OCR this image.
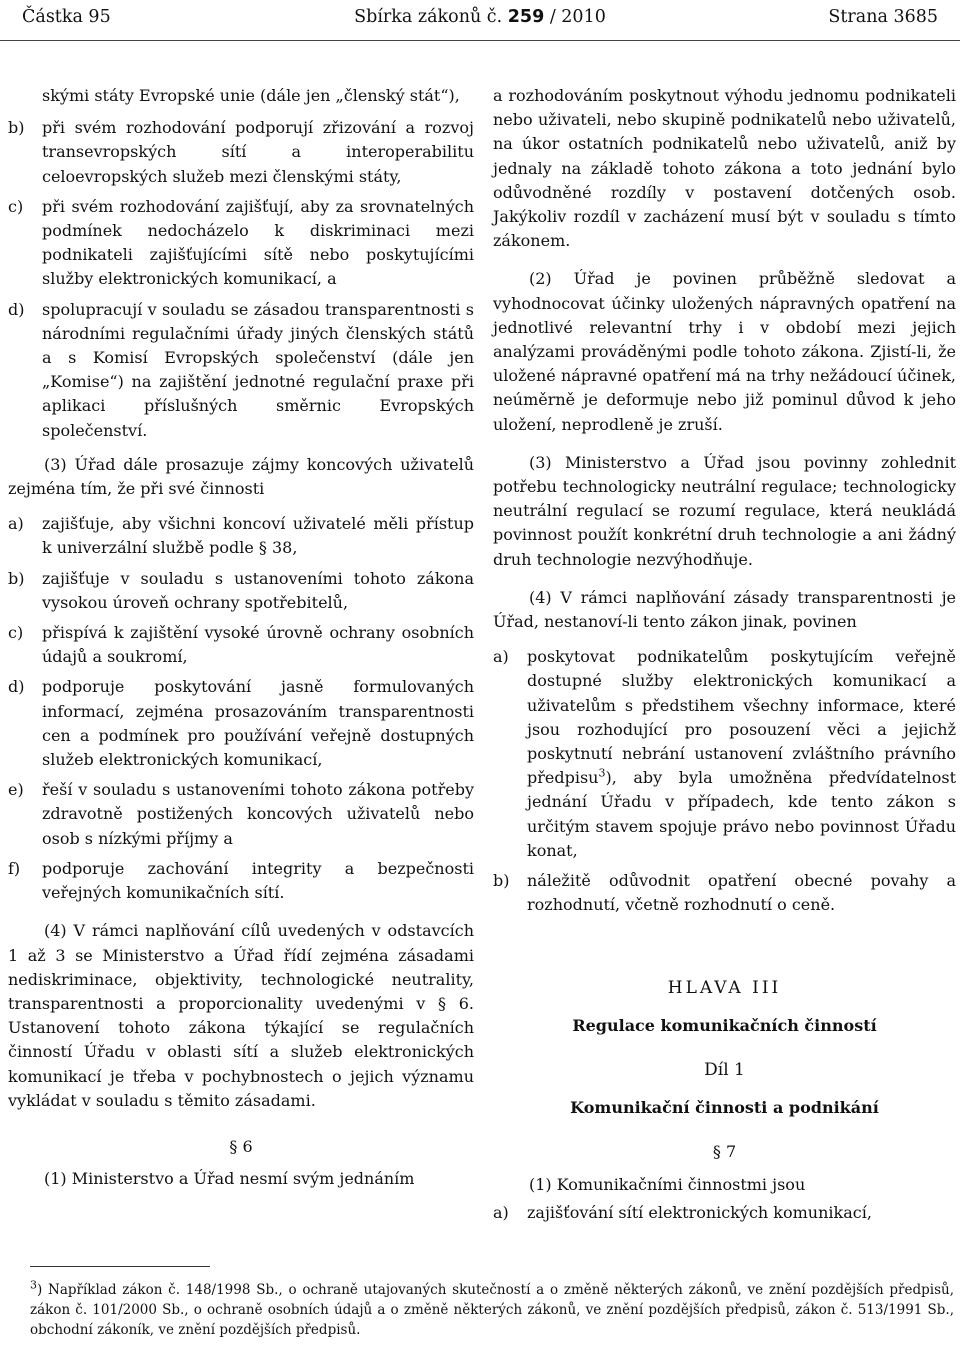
Částka 95	Sbírka zákonů č. 259 / 2010	Strana 3685
skými státy Evropské unie (dále jen „členský stát“),
b)	při svém rozhodování podporují zřizování a rozvoj transevropských sítí a interoperabilitu celoevropských služeb mezi členskými státy,
c)	při svém rozhodování zajišťují, aby za srovnatelných podmínek nedocházelo k diskriminaci mezi podnikateli zajišťujícími sítě nebo poskytujícími služby elektronických komunikací, a
d)	spolupracují v souladu se zásadou transparentnosti s národními regulačními úřady jiných členských států a s Komisí Evropských společenství (dále jen „Komise“) na zajištění jednotné regulační praxe při aplikaci příslušných směrnic Evropských společenství.

(3) Úřad dále prosazuje zájmy koncových uživatelů zejména tím, že při své činnosti

a)	zajišťuje, aby všichni koncoví uživatelé měli přístup k univerzální službě podle § 38,
b)	zajišťuje v souladu s ustanoveními tohoto zákona vysokou úroveň ochrany spotřebitelů,
c)	přispívá k zajištění vysoké úrovně ochrany osobních údajů a soukromí,
d)	podporuje poskytování jasně formulovaných informací, zejména prosazováním transparentnosti cen a podmínek pro používání veřejně dostupných služeb elektronických komunikací,
e)	řeší v souladu s ustanoveními tohoto zákona potřeby zdravotně postižených koncových uživatelů nebo osob s nízkými příjmy a
f)	podporuje zachování integrity a bezpečnosti veřejných komunikačních sítí.

(4) V rámci naplňování cílů uvedených v odstavcích 1 až 3 se Ministerstvo a Úřad řídí zejména zásadami nediskriminace, objektivity, technologické neutrality, transparentnosti a proporcionality uvedenými v § 6. Ustanovení tohoto zákona týkající se regulačních činností Úřadu v oblasti sítí a služeb elektronických komunikací je třeba v pochybnostech o jejich významu vykládat v souladu s těmito zásadami.

§ 6

(1) Ministerstvo a Úřad nesmí svým jednáním

a rozhodováním poskytnout výhodu jednomu podnikateli nebo uživateli, nebo skupině podnikatelů nebo uživatelů, na úkor ostatních podnikatelů nebo uživatelů, aniž by jednaly na základě tohoto zákona a toto jednání bylo odůvodněné rozdíly v postavení dotčených osob. Jakýkoliv rozdíl v zacházení musí být v souladu s tímto zákonem.

(2) Úřad je povinen průběžně sledovat a vyhodnocovat účinky uložených nápravných opatření na jednotlivé relevantní trhy i v období mezi jejich analýzami prováděnými podle tohoto zákona. Zjistí-li, že uložené nápravné opatření má na trhy nežádoucí účinek, neúměrně je deformuje nebo již pominul důvod k jeho uložení, neprodleně je zruší.

(3) Ministerstvo a Úřad jsou povinny zohlednit potřebu technologicky neutrální regulace; technologicky neutrální regulací se rozumí regulace, která neukládá povinnost použít konkrétní druh technologie a ani žádný druh technologie nezvýhodňuje.

(4) V rámci naplňování zásady transparentnosti je Úřad, nestanoví-li tento zákon jinak, povinen

a)	poskytovat podnikatelům poskytujícím veřejně dostupné služby elektronických komunikací a uživatelům s předstihem všechny informace, které jsou rozhodující pro posouzení věci a jejichž poskytnutí nebrání ustanovení zvláštního právního předpisu$^3$), aby byla umožněna předvídatelnost jednání Úřadu v případech, kde tento zákon s určitým stavem spojuje právo nebo povinnost Úřadu konat,
b)	náležitě odůvodnit opatření obecné povahy a rozhodnutí, včetně rozhodnutí o ceně.
HLAVA III
Regulace komunikačních činností
Díl 1
Komunikační činnosti a podnikání
§ 7

(1) Komunikačními činnostmi jsou

a)	zajišťování sítí elektronických komunikací,
$^3$) Například zákon č. 148/1998 Sb., o ochraně utajovaných skutečností a o změně některých zákonů, ve znění pozdějších předpisů, zákon č. 101/2000 Sb., o ochraně osobních údajů a o změně některých zákonů, ve znění pozdějších předpisů, zákon č. 513/1991 Sb., obchodní zákoník, ve znění pozdějších předpisů.
